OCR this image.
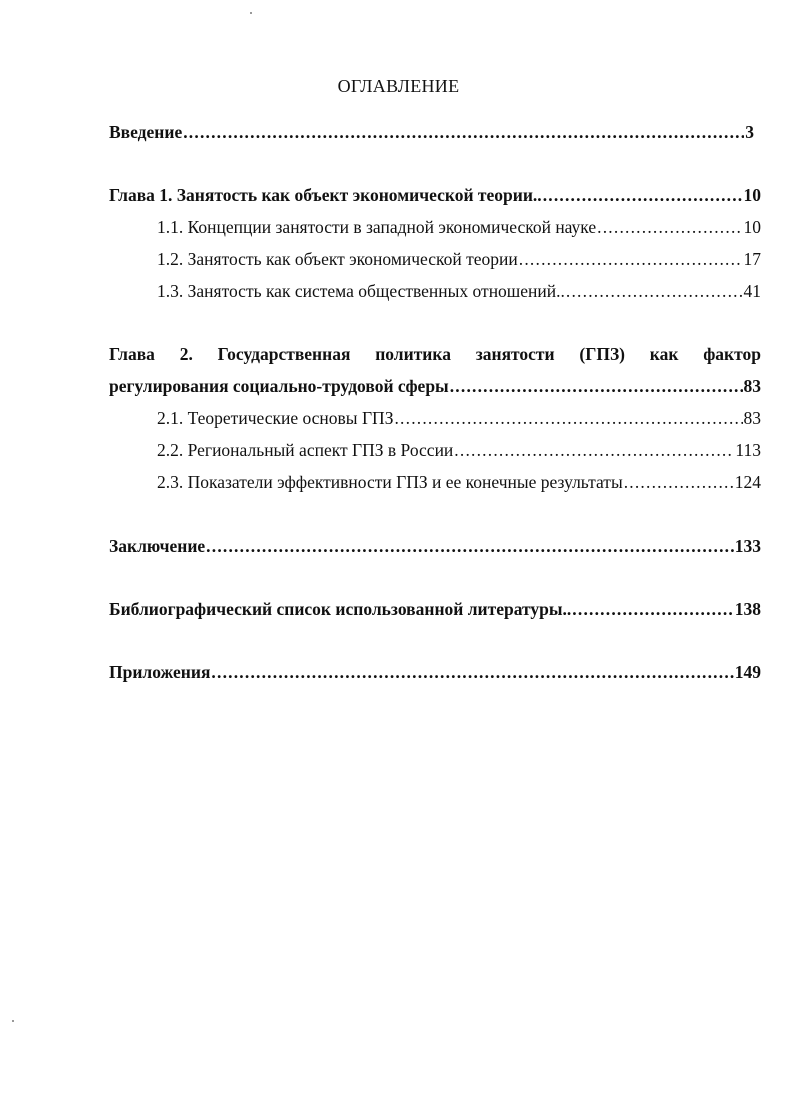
ОГЛАВЛЕНИЕ
Введение .....	3
Глава 1. Занятость как объект экономической теории.. .....	10
1.1. Концепции занятости в западной экономической науке .....	10
1.2. Занятость как объект экономической теории .....	17
1.3. Занятость как система общественных отношений.. .....	41
Глава 2. Государственная политика занятости (ГПЗ) как фактор
регулирования социально-трудовой сферы .....	83
2.1. Теоретические основы ГПЗ .....	83
2.2. Региональный аспект ГПЗ в России .....	113
2.3. Показатели эффективности ГПЗ и ее конечные результаты .....	124
Заключение .....	133
Библиографический список использованной литературы.. .....	138
Приложения .....	149
